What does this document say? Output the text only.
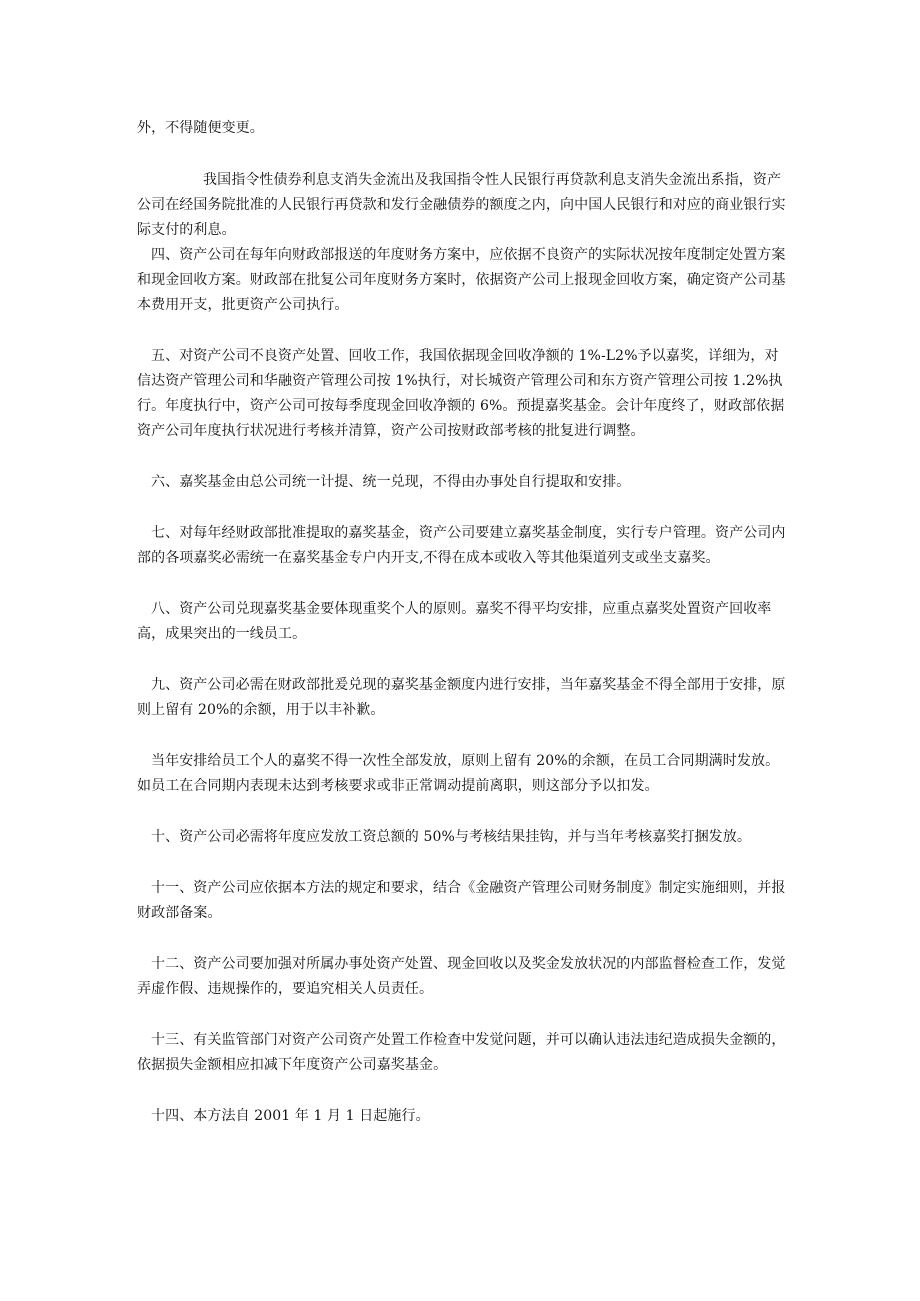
外，不得随便变更。

我国指令性债券利息支消失金流出及我国指令性人民银行再贷款利息支消失金流出系指，资产公司在经国务院批准的人民银行再贷款和发行金融债券的额度之内，向中国人民银行和对应的商业银行实际支付的利息。

四、资产公司在每年向财政部报送的年度财务方案中，应依据不良资产的实际状况按年度制定处置方案和现金回收方案。财政部在批复公司年度财务方案时，依据资产公司上报现金回收方案，确定资产公司基本费用开支，批更资产公司执行。

五、对资产公司不良资产处置、回收工作，我国依据现金回收净额的 1%-L2%予以嘉奖，详细为，对信达资产管理公司和华融资产管理公司按 1%执行，对长城资产管理公司和东方资产管理公司按 1.2%执行。年度执行中，资产公司可按每季度现金回收净额的 6%。预提嘉奖基金。会计年度终了，财政部依据资产公司年度执行状况进行考核并清算，资产公司按财政部考核的批复进行调整。

六、嘉奖基金由总公司统一计提、统一兑现，不得由办事处自行提取和安排。

七、对每年经财政部批准提取的嘉奖基金，资产公司要建立嘉奖基金制度，实行专户管理。资产公司内部的各项嘉奖必需统一在嘉奖基金专户内开支,不得在成本或收入等其他渠道列支或坐支嘉奖。

八、资产公司兑现嘉奖基金要体现重奖个人的原则。嘉奖不得平均安排，应重点嘉奖处置资产回收率高，成果突出的一线员工。

九、资产公司必需在财政部批爰兑现的嘉奖基金额度内进行安排，当年嘉奖基金不得全部用于安排，原则上留有 20%的余额，用于以丰补歉。

当年安排给员工个人的嘉奖不得一次性全部发放，原则上留有 20%的余额，在员工合同期满时发放。如员工在合同期内表现未达到考核要求或非正常调动提前离职，则这部分予以扣发。

十、资产公司必需将年度应发放工资总额的 50%与考核结果挂钩，并与当年考核嘉奖打捆发放。

十一、资产公司应依据本方法的规定和要求，结合《金融资产管理公司财务制度》制定实施细则，并报财政部备案。

十二、资产公司要加强对所属办事处资产处置、现金回收以及奖金发放状况的内部监督检查工作，发觉弄虚作假、违规操作的，要追究相关人员责任。

十三、有关监管部门对资产公司资产处置工作检查中发觉问题，并可以确认违法违纪造成损失金额的，依据损失金额相应扣减下年度资产公司嘉奖基金。

十四、本方法自 2001 年 1 月 1 日起施行。
